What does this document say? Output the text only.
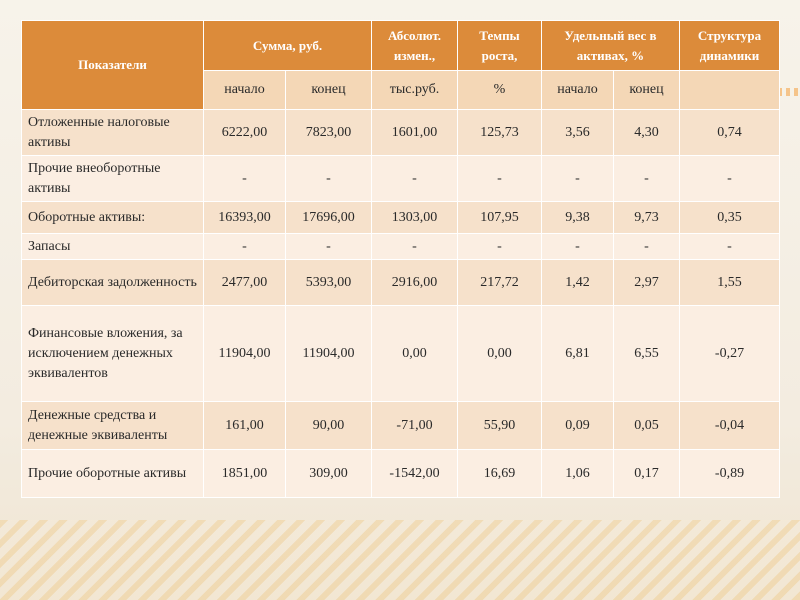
Показатели	Сумма, руб.		Абсолют. измен.,	Темпы роста,	Удельный вес в активах, %		Структура динамики
	начало	конец	тыс.руб.	%	начало	конец	
Отложенные налоговые активы	6222,00	7823,00	1601,00	125,73	3,56	4,30	0,74
Прочие внеоборотные активы	-	-	-	-	-	-	-
Оборотные активы:	16393,00	17696,00	1303,00	107,95	9,38	9,73	0,35
Запасы	-	-	-	-	-	-	-
Дебиторская задолженность	2477,00	5393,00	2916,00	217,72	1,42	2,97	1,55
Финансовые вложения, за исключением денежных эквивалентов	11904,00	11904,00	0,00	0,00	6,81	6,55	-0,27
Денежные средства и денежные эквиваленты	161,00	90,00	-71,00	55,90	0,09	0,05	-0,04
Прочие оборотные активы	1851,00	309,00	-1542,00	16,69	1,06	0,17	-0,89
